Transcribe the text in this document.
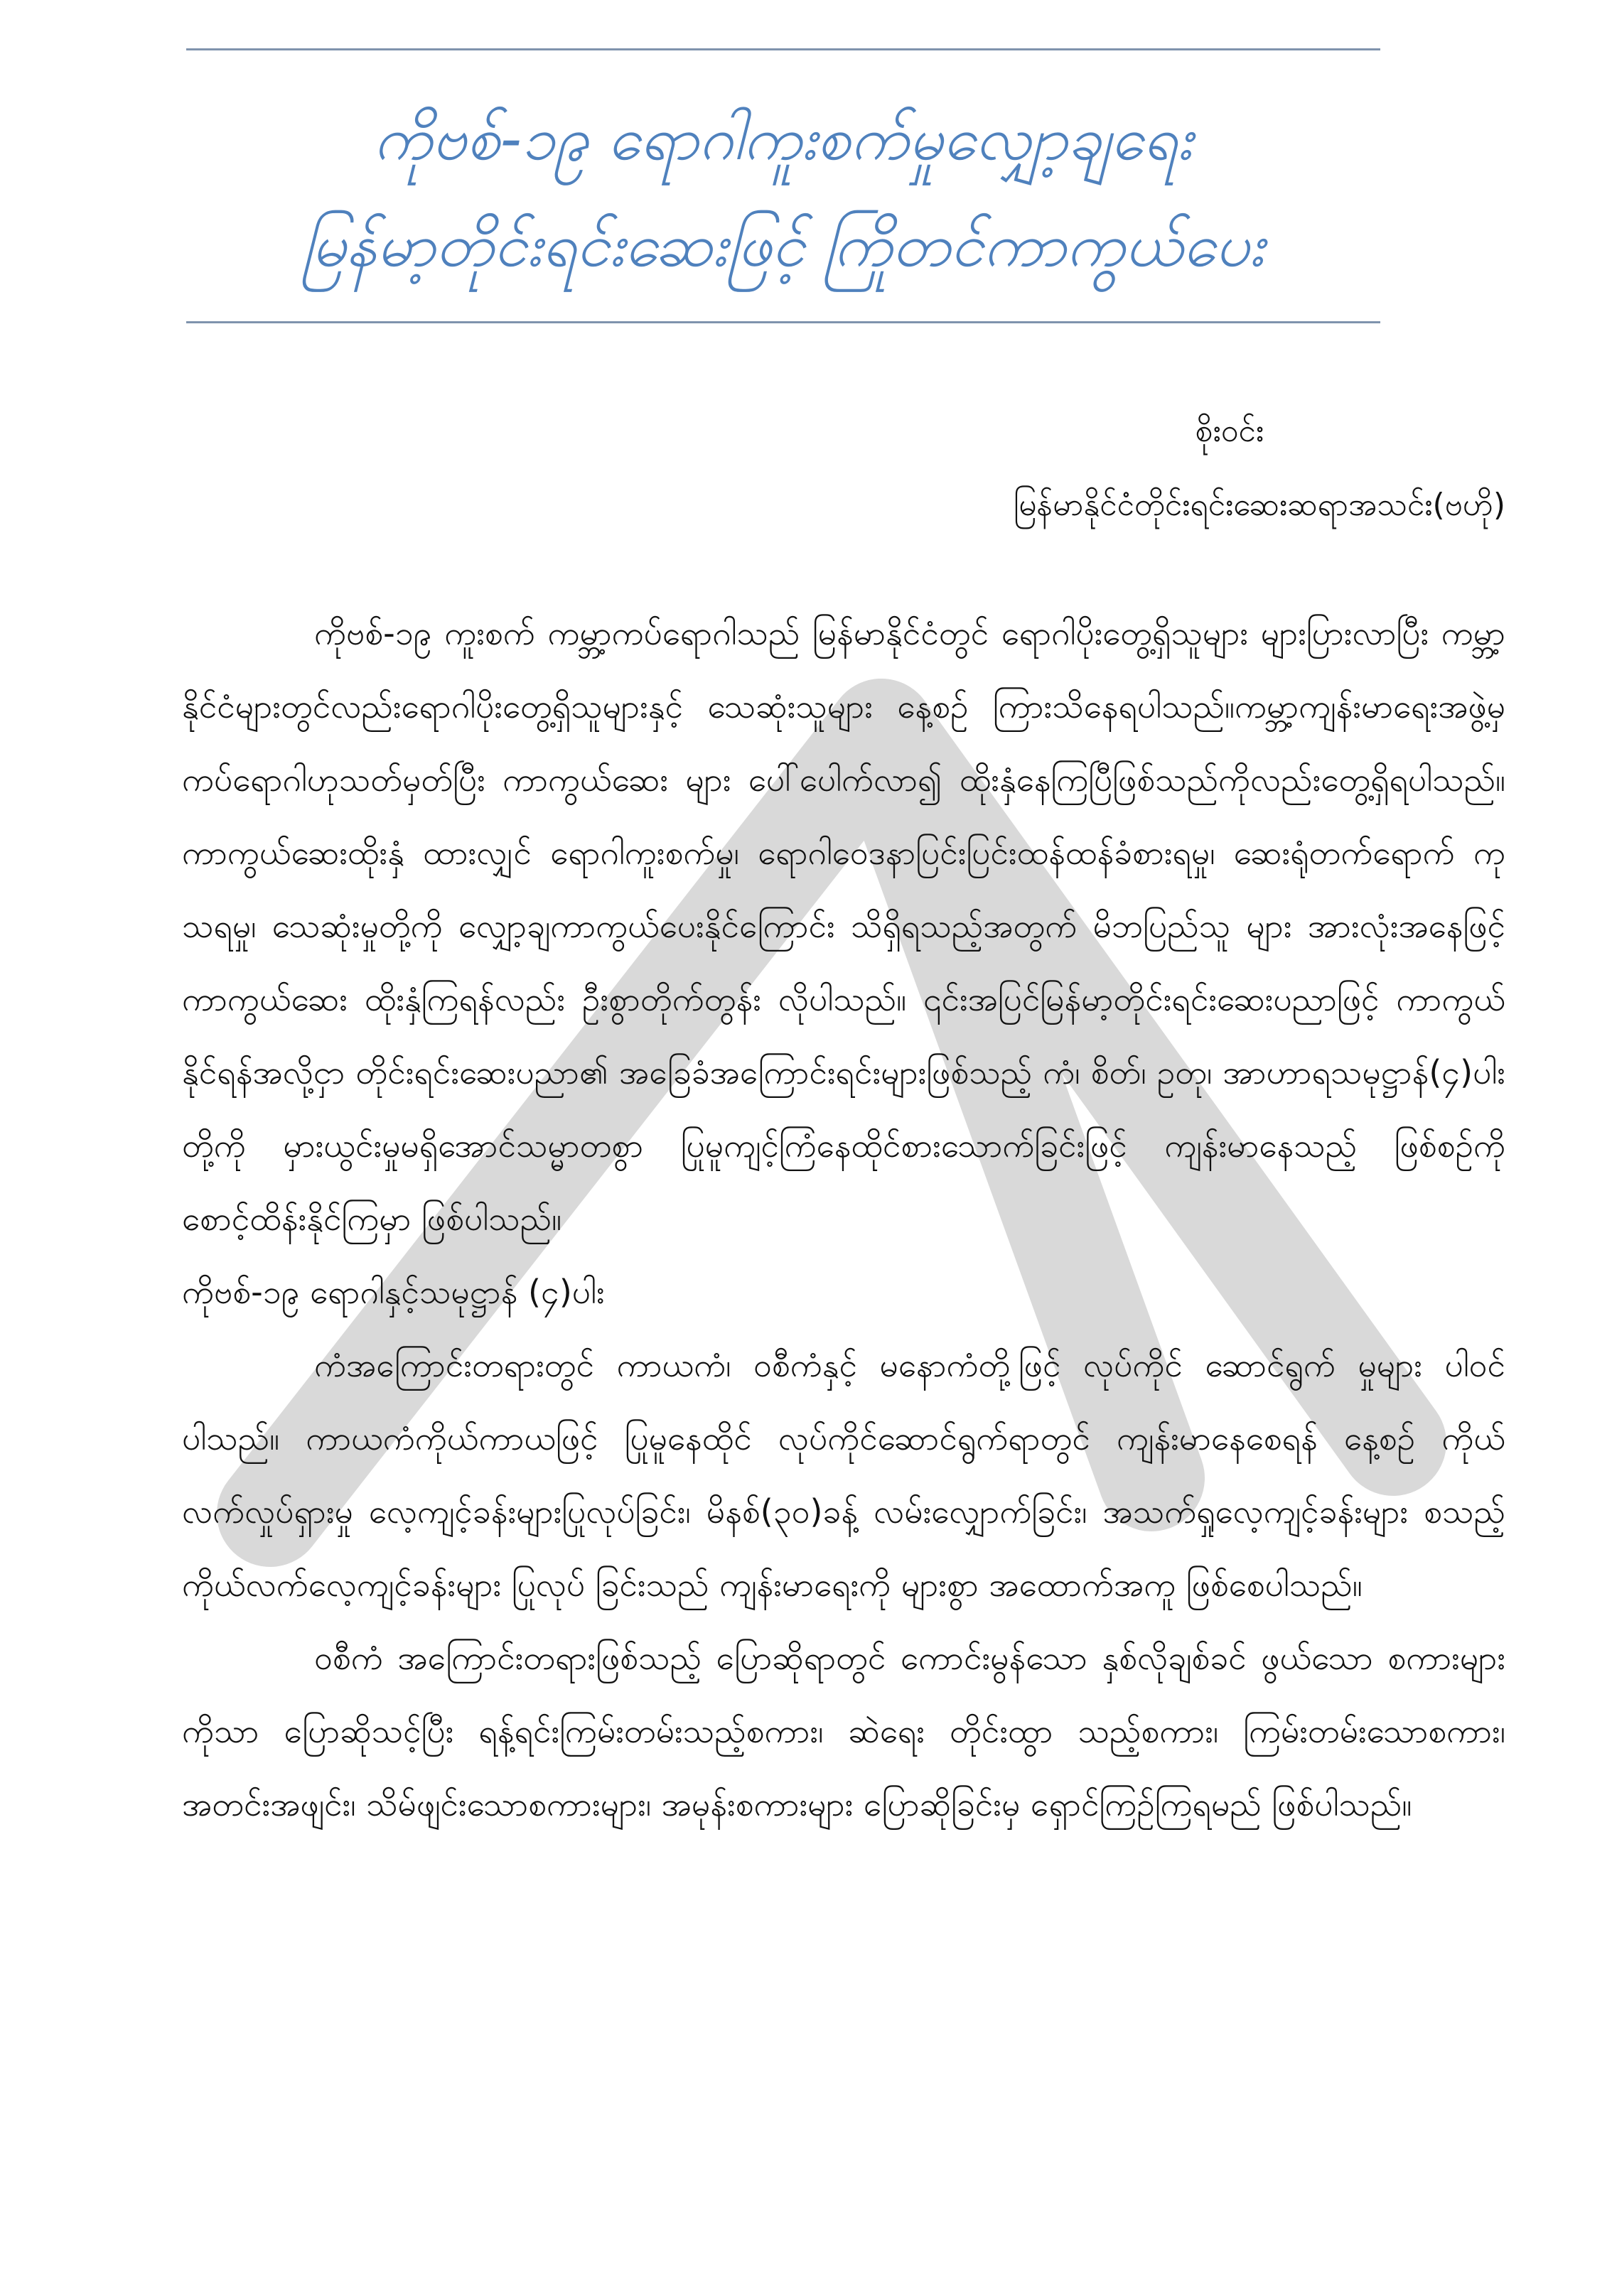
ကိုဗစ်-၁၉ ရောဂါကူးစက်မှုလျှော့ချရေး
မြန်မာ့တိုင်းရင်းဆေးဖြင့် ကြိုတင်ကာကွယ်ပေး
စိုးဝင်း
မြန်မာနိုင်ငံတိုင်းရင်းဆေးဆရာအသင်း(ဗဟို)

ကိုဗစ်-၁၉ ကူးစက် ကမ္ဘာ့ကပ်ရောဂါသည် မြန်မာနိုင်ငံတွင် ရောဂါပိုးတွေ့ရှိသူများ များပြားလာပြီး ကမ္ဘာ့နိုင်ငံများတွင်လည်းရောဂါပိုးတွေ့ရှိသူများနှင့် သေဆုံးသူများ နေ့စဉ် ကြားသိနေရပါသည်။ကမ္ဘာ့ကျန်းမာရေးအဖွဲ့မှ ကပ်ရောဂါဟုသတ်မှတ်ပြီး ကာကွယ်ဆေး များ ပေါ်ပေါက်လာ၍ ထိုးနှံနေကြပြီဖြစ်သည်ကိုလည်းတွေ့ရှိရပါသည်။ ကာကွယ်ဆေးထိုးနှံ ထားလျှင် ရောဂါကူးစက်မှု၊ ရောဂါဝေဒနာပြင်းပြင်းထန်ထန်ခံစားရမှု၊ ဆေးရုံတက်ရောက် ကုသရမှု၊ သေဆုံးမှုတို့ကို လျှော့ချကာကွယ်ပေးနိုင်ကြောင်း သိရှိရသည့်အတွက် မိဘပြည်သူ များ အားလုံးအနေဖြင့် ကာကွယ်ဆေး ထိုးနှံကြရန်လည်း ဦးစွာတိုက်တွန်း လိုပါသည်။ ၎င်းအပြင်မြန်မာ့တိုင်းရင်းဆေးပညာဖြင့် ကာကွယ်နိုင်ရန်အလို့ငှာ တိုင်းရင်းဆေးပညာ၏ အခြေခံအကြောင်းရင်းများဖြစ်သည့် ကံ၊ စိတ်၊ ဥတု၊ အာဟာရသမုဋ္ဌာန်(၄)ပါးတို့ကို မှားယွင်းမှုမရှိအောင်သမ္မာတစွာ ပြုမူကျင့်ကြံနေထိုင်စားသောက်ခြင်းဖြင့် ကျန်းမာနေသည့် ဖြစ်စဉ်ကို စောင့်ထိန်းနိုင်ကြမှာ ဖြစ်ပါသည်။

ကိုဗစ်-၁၉ ရောဂါနှင့်သမုဋ္ဌာန် (၄)ပါး

ကံအကြောင်းတရားတွင် ကာယကံ၊ ဝစီကံနှင့် မနောကံတို့ဖြင့် လုပ်ကိုင် ဆောင်ရွက် မှုများ ပါဝင်ပါသည်။ ကာယကံကိုယ်ကာယဖြင့် ပြုမူနေထိုင် လုပ်ကိုင်ဆောင်ရွက်ရာတွင် ကျန်းမာနေစေရန် နေ့စဉ် ကိုယ်လက်လှုပ်ရှားမှု လေ့ကျင့်ခန်းများပြုလုပ်ခြင်း၊ မိနစ်(၃၀)ခန့် လမ်းလျှောက်ခြင်း၊ အသက်ရှုလေ့ကျင့်ခန်းများ စသည့် ကိုယ်လက်လေ့ကျင့်ခန်းများ ပြုလုပ် ခြင်းသည် ကျန်းမာရေးကို များစွာ အထောက်အကူ ဖြစ်စေပါသည်။

ဝစီကံ အကြောင်းတရားဖြစ်သည့် ပြောဆိုရာတွင် ကောင်းမွန်သော နှစ်လိုချစ်ခင် ဖွယ်သော စကားများကိုသာ ပြောဆိုသင့်ပြီး ရန့်ရင်းကြမ်းတမ်းသည့်စကား၊ ဆဲရေး တိုင်းထွာ သည့်စကား၊ ကြမ်းတမ်းသောစကား၊ အတင်းအဖျင်း၊ သိမ်ဖျင်းသောစကားများ၊ အမုန်းစကားများ ပြောဆိုခြင်းမှ ရှောင်ကြဉ်ကြရမည် ဖြစ်ပါသည်။
